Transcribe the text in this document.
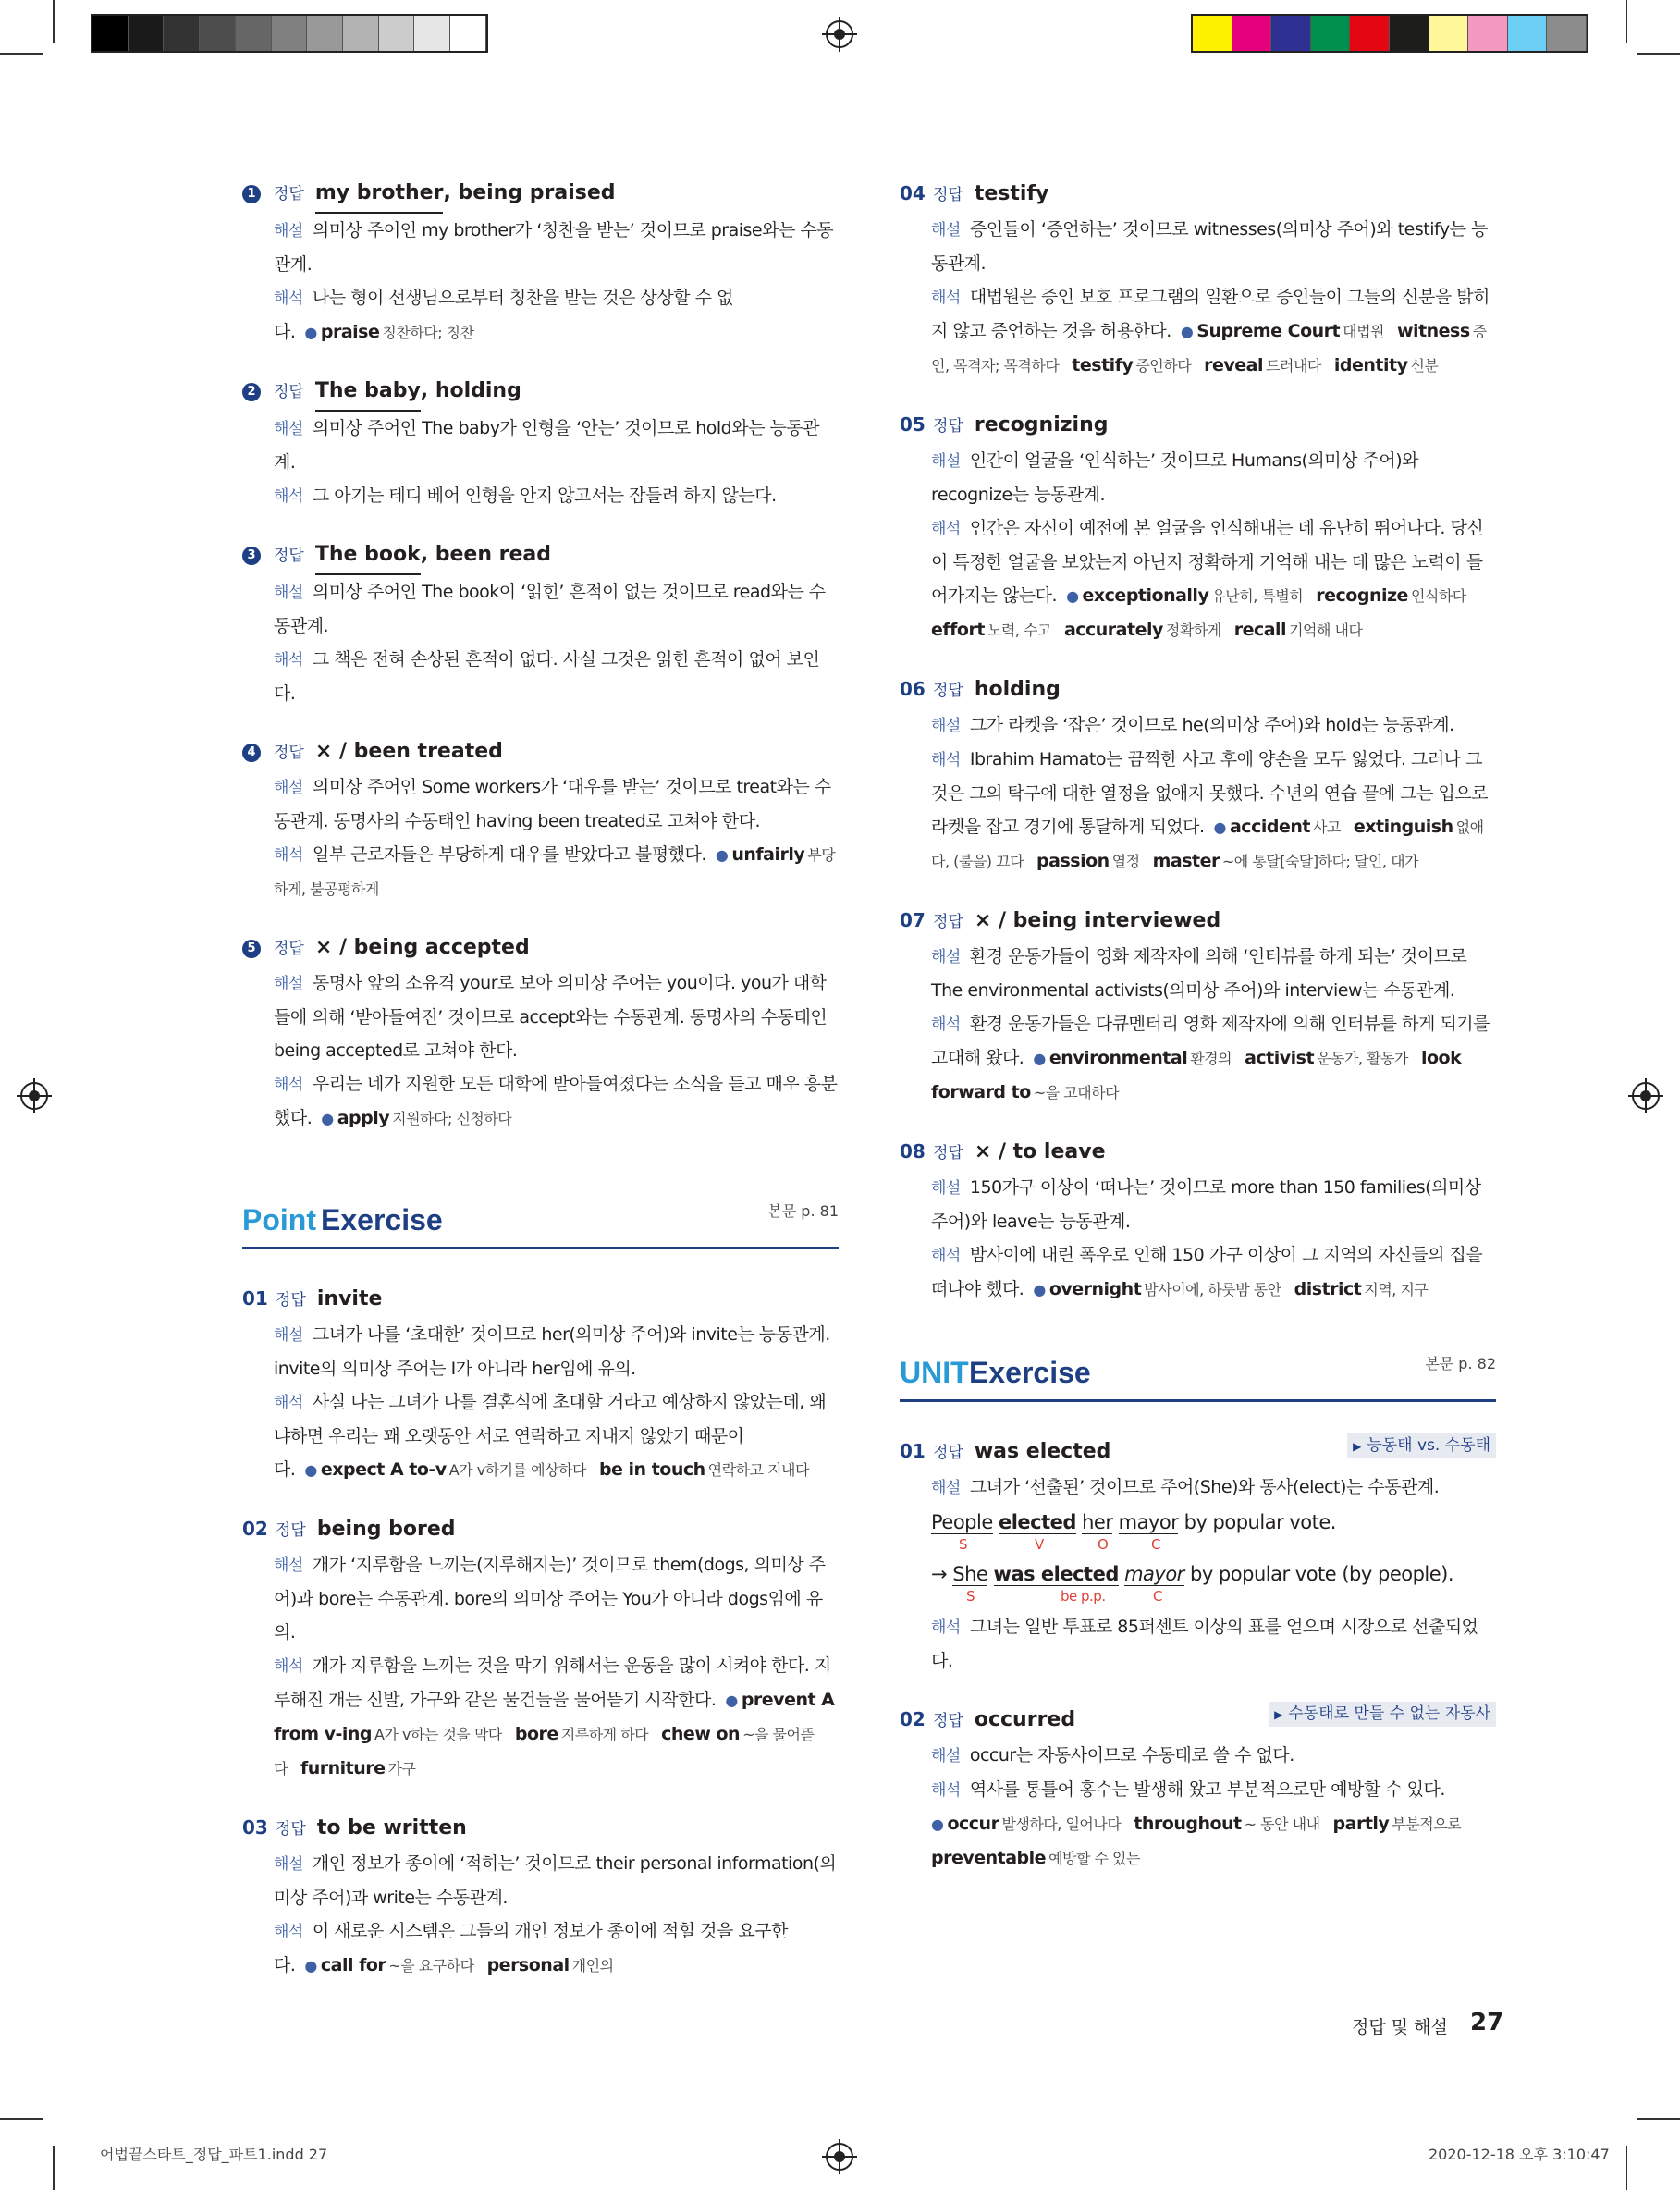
1	정답 my brother , being praised
해설 의미상 주어인 my brother가 ‘칭찬을 받는’ 것이므로 praise와는 수동관계.
해석 나는 형이 선생님으로부터 칭찬을 받는 것은 상상할 수 없다. ● praise 칭찬하다; 칭찬
2	정답 The baby , holding
해설 의미상 주어인 The baby가 인형을 ‘안는’ 것이므로 hold와는 능동관계.
해석 그 아기는 테디 베어 인형을 안지 않고서는 잠들려 하지 않는다.
3	정답 The book , been read
해설 의미상 주어인 The book이 ‘읽힌’ 흔적이 없는 것이므로 read와는 수동관계.
해석 그 책은 전혀 손상된 흔적이 없다. 사실 그것은 읽힌 흔적이 없어 보인다.
4	정답 × / been treated
해설 의미상 주어인 Some workers가 ‘대우를 받는’ 것이므로 treat와는 수동관계. 동명사의 수동태인 having been treated로 고쳐야 한다.
해석 일부 근로자들은 부당하게 대우를 받았다고 불평했다. ● unfairly 부당하게, 불공평하게
5	정답 × / being accepted
해설 동명사 앞의 소유격 your로 보아 의미상 주어는 you이다. you가 대학들에 의해 ‘받아들여진’ 것이므로 accept와는 수동관계. 동명사의 수동태인 being accepted로 고쳐야 한다.
해석 우리는 네가 지원한 모든 대학에 받아들여졌다는 소식을 듣고 매우 흥분했다. ● apply 지원하다; 신청하다
Point Exercise	본문 p. 81
01 정답 invite
해설 그녀가 나를 ‘초대한’ 것이므로 her(의미상 주어)와 invite는 능동관계. invite의 의미상 주어는 I가 아니라 her임에 유의.
해석 사실 나는 그녀가 나를 결혼식에 초대할 거라고 예상하지 않았는데, 왜냐하면 우리는 꽤 오랫동안 서로 연락하고 지내지 않았기 때문이다. ● expect A to-v A가 v하기를 예상하다 be in touch 연락하고 지내다
02 정답 being bored
해설 개가 ‘지루함을 느끼는(지루해지는)’ 것이므로 them(dogs, 의미상 주어)과 bore는 수동관계. bore의 의미상 주어는 You가 아니라 dogs임에 유의.
해석 개가 지루함을 느끼는 것을 막기 위해서는 운동을 많이 시켜야 한다. 지루해진 개는 신발, 가구와 같은 물건들을 물어뜯기 시작한다. ● prevent A from v-ing A가 v하는 것을 막다 bore 지루하게 하다 chew on ~을 물어뜯다 furniture 가구
03 정답 to be written
해설 개인 정보가 종이에 ‘적히는’ 것이므로 their personal information(의미상 주어)과 write는 수동관계.
해석 이 새로운 시스템은 그들의 개인 정보가 종이에 적힐 것을 요구한다. ● call for ~을 요구하다 personal 개인의
04 정답 testify
해설 증인들이 ‘증언하는’ 것이므로 witnesses(의미상 주어)와 testify는 능동관계.
해석 대법원은 증인 보호 프로그램의 일환으로 증인들이 그들의 신분을 밝히지 않고 증언하는 것을 허용한다. ● Supreme Court 대법원 witness 증인, 목격자; 목격하다 testify 증언하다 reveal 드러내다 identity 신분
05 정답 recognizing
해설 인간이 얼굴을 ‘인식하는’ 것이므로 Humans(의미상 주어)와 recognize는 능동관계.
해석 인간은 자신이 예전에 본 얼굴을 인식해내는 데 유난히 뛰어나다. 당신이 특정한 얼굴을 보았는지 아닌지 정확하게 기억해 내는 데 많은 노력이 들어가지는 않는다. ● exceptionally 유난히, 특별히 recognize 인식하다effort 노력, 수고 accurately 정확하게 recall 기억해 내다
06 정답 holding
해설 그가 라켓을 ‘잡은’ 것이므로 he(의미상 주어)와 hold는 능동관계.
해석 Ibrahim Hamato는 끔찍한 사고 후에 양손을 모두 잃었다. 그러나 그것은 그의 탁구에 대한 열정을 없애지 못했다. 수년의 연습 끝에 그는 입으로 라켓을 잡고 경기에 통달하게 되었다. ● accident 사고 extinguish 없애다, (불을) 끄다 passion 열정 master ~에 통달[숙달]하다; 달인, 대가
07 정답 × / being interviewed
해설 환경 운동가들이 영화 제작자에 의해 ‘인터뷰를 하게 되는’ 것이므로 The environmental activists(의미상 주어)와 interview는 수동관계.
해석 환경 운동가들은 다큐멘터리 영화 제작자에 의해 인터뷰를 하게 되기를 고대해 왔다. ● environmental 환경의 activist 운동가, 활동가 look forward to ~을 고대하다
08 정답 × / to leave
해설 150가구 이상이 ‘떠나는’ 것이므로 more than 150 families(의미상 주어)와 leave는 능동관계.
해석 밤사이에 내린 폭우로 인해 150 가구 이상이 그 지역의 자신들의 집을 떠나야 했다. ● overnight 밤사이에, 하룻밤 동안 district 지역, 지구
UNIT Exercise	본문 p. 82
01 정답 was elected	▶ 능동태 vs. 수동태
해설 그녀가 ‘선출된’ 것이므로 주어(She)와 동사(elect)는 수동관계.
People elected her mayor by popular vote.
S	V	O	C
→ She was elected mayor by popular vote (by people).
S	be p.p.	C
해석 그녀는 일반 투표로 85퍼센트 이상의 표를 얻으며 시장으로 선출되었다.
02 정답 occurred	▶ 수동태로 만들 수 없는 자동사
해설 occur는 자동사이므로 수동태로 쓸 수 없다.
해석 역사를 통틀어 홍수는 발생해 왔고 부분적으로만 예방할 수 있다.
● occur 발생하다, 일어나다 throughout ~ 동안 내내 partly 부분적으로preventable 예방할 수 있는
정답 및 해설 27
어법끝스타트_정답_파트1.indd 27	2020-12-18 오후 3:10:47
